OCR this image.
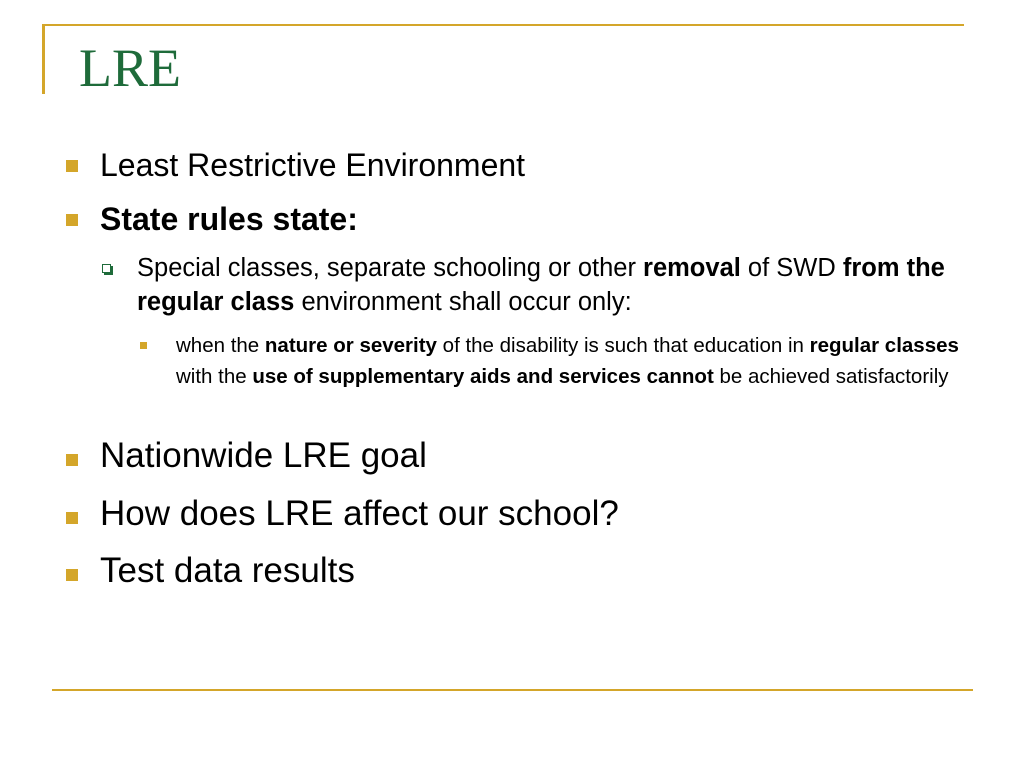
LRE
Least Restrictive Environment
State rules state:
Special classes, separate schooling or other removal of SWD from the regular class environment shall occur only:
when the nature or severity of the disability is such that education in regular classes with the use of supplementary aids and services cannot be achieved satisfactorily
Nationwide LRE goal
How does LRE affect our school?
Test data results
